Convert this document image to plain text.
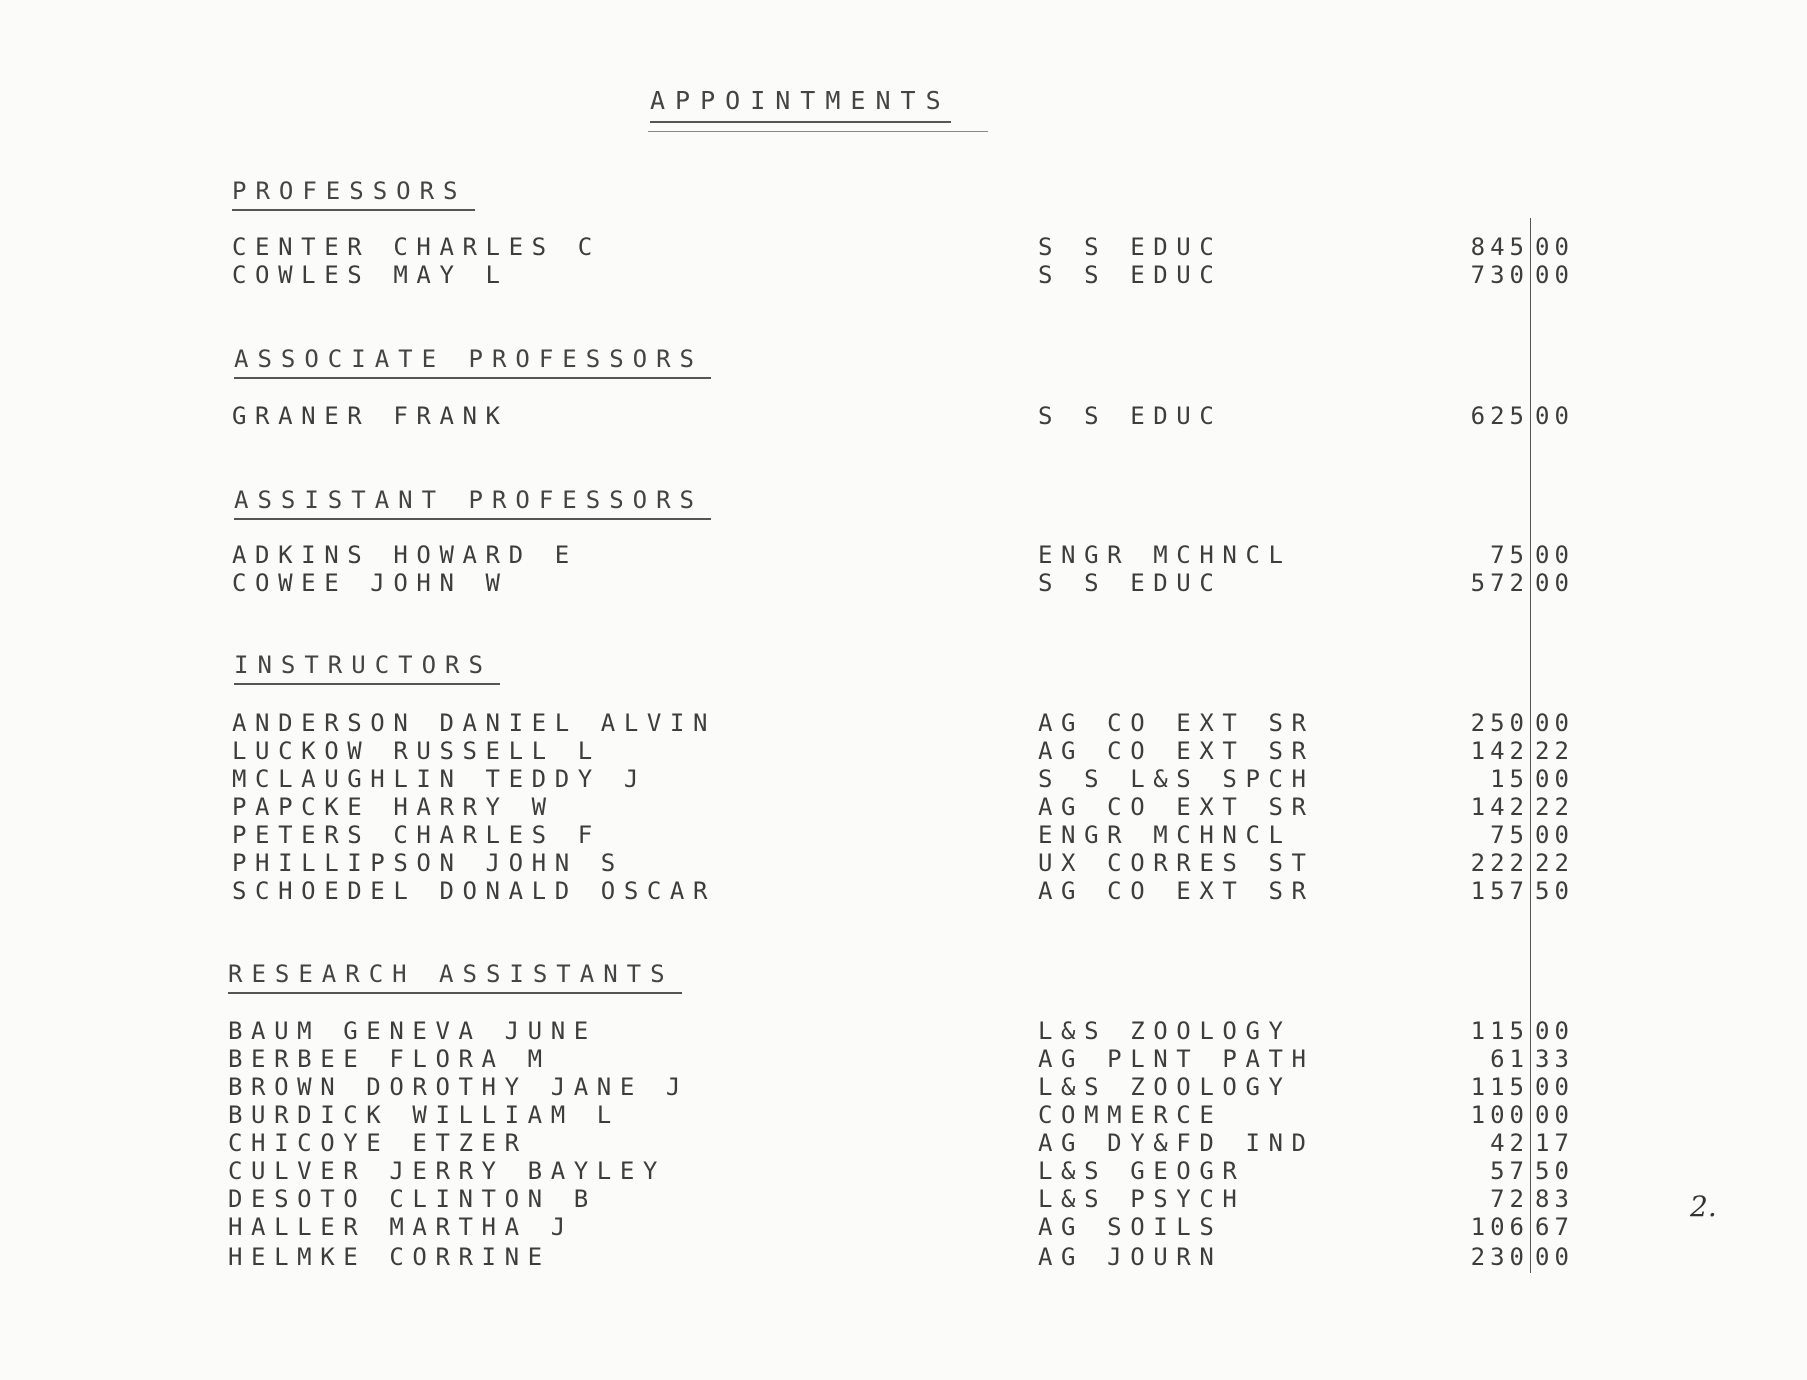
APPOINTMENTS
PROFESSORS
CENTER CHARLES C	S S EDUC	845 00
COWLES MAY L	S S EDUC	730 00
ASSOCIATE PROFESSORS
GRANER FRANK	S S EDUC	625 00
ASSISTANT PROFESSORS
ADKINS HOWARD E	ENGR MCHNCL	75 00
COWEE JOHN W	S S EDUC	572 00
INSTRUCTORS
ANDERSON DANIEL ALVIN	AG CO EXT SR	250 00
LUCKOW RUSSELL L	AG CO EXT SR	142 22
MCLAUGHLIN TEDDY J	S S L&S SPCH	15 00
PAPCKE HARRY W	AG CO EXT SR	142 22
PETERS CHARLES F	ENGR MCHNCL	75 00
PHILLIPSON JOHN S	UX CORRES ST	222 22
SCHOEDEL DONALD OSCAR	AG CO EXT SR	157 50
RESEARCH ASSISTANTS
BAUM GENEVA JUNE	L&S ZOOLOGY	115 00
BERBEE FLORA M	AG PLNT PATH	61 33
BROWN DOROTHY JANE J	L&S ZOOLOGY	115 00
BURDICK WILLIAM L	COMMERCE	100 00
CHICOYE ETZER	AG DY&FD IND	42 17
CULVER JERRY BAYLEY	L&S GEOGR	57 50
DESOTO CLINTON B	L&S PSYCH	72 83
HALLER MARTHA J	AG SOILS	106 67
HELMKE CORRINE	AG JOURN	230 00
2.
